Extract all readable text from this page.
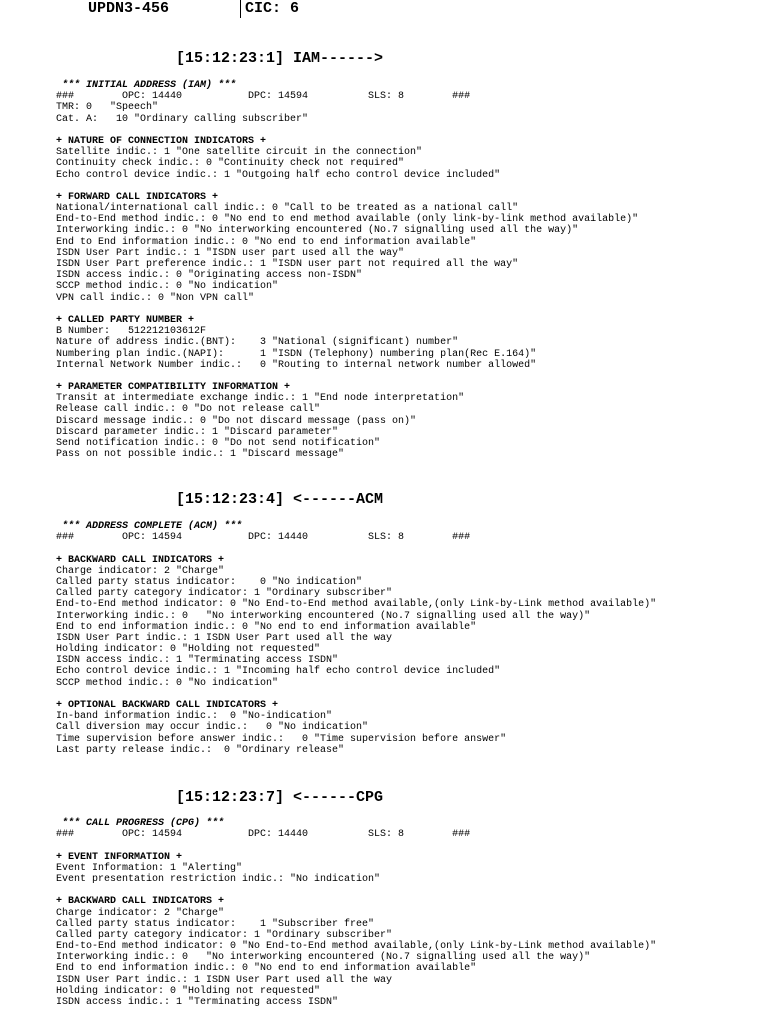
UPDN3-456	CIC: 6
[15:12:23:1] IAM------>
*** INITIAL ADDRESS (IAM) ***
###        OPC: 14440           DPC: 14594          SLS: 8        ###
TMR: 0   "Speech"
Cat. A:   10 "Ordinary calling subscriber"
+ NATURE OF CONNECTION INDICATORS +
Satellite indic.: 1 "One satellite circuit in the connection"
Continuity check indic.: 0 "Continuity check not required"
Echo control device indic.: 1 "Outgoing half echo control device included"
+ FORWARD CALL INDICATORS +
National/international call indic.: 0 "Call to be treated as a national call"
End-to-End method indic.: 0 "No end to end method available (only link-by-link method available)"
Interworking indic.: 0 "No interworking encountered (No.7 signalling used all the way)"
End to End information indic.: 0 "No end to end information available"
ISDN User Part indic.: 1 "ISDN user part used all the way"
ISDN User Part preference indic.: 1 "ISDN user part not required all the way"
ISDN access indic.: 0 "Originating access non-ISDN"
SCCP method indic.: 0 "No indication"
VPN call indic.: 0 "Non VPN call"
+ CALLED PARTY NUMBER +
B Number:   512212103612F
Nature of address indic.(BNT):    3 "National (significant) number"
Numbering plan indic.(NAPI):      1 "ISDN (Telephony) numbering plan(Rec E.164)"
Internal Network Number indic.:   0 "Routing to internal network number allowed"
+ PARAMETER COMPATIBILITY INFORMATION +
Transit at intermediate exchange indic.: 1 "End node interpretation"
Release call indic.: 0 "Do not release call"
Discard message indic.: 0 "Do not discard message (pass on)"
Discard parameter indic.: 1 "Discard parameter"
Send notification indic.: 0 "Do not send notification"
Pass on not possible indic.: 1 "Discard message"
[15:12:23:4] <------ACM
*** ADDRESS COMPLETE (ACM) ***
###        OPC: 14594           DPC: 14440          SLS: 8        ###
+ BACKWARD CALL INDICATORS +
Charge indicator: 2 "Charge"
Called party status indicator:    0 "No indication"
Called party category indicator: 1 "Ordinary subscriber"
End-to-End method indicator: 0 "No End-to-End method available,(only Link-by-Link method available)"
Interworking indic.: 0   "No interworking encountered (No.7 signalling used all the way)"
End to end information indic.: 0 "No end to end information available"
ISDN User Part indic.: 1 ISDN User Part used all the way
Holding indicator: 0 "Holding not requested"
ISDN access indic.: 1 "Terminating access ISDN"
Echo control device indic.: 1 "Incoming half echo control device included"
SCCP method indic.: 0 "No indication"
+ OPTIONAL BACKWARD CALL INDICATORS +
In-band information indic.:  0 "No-indication"
Call diversion may occur indic.:   0 "No indication"
Time supervision before answer indic.:   0 "Time supervision before answer"
Last party release indic.:  0 "Ordinary release"
[15:12:23:7] <------CPG
*** CALL PROGRESS (CPG) ***
###        OPC: 14594           DPC: 14440          SLS: 8        ###
+ EVENT INFORMATION +
Event Information: 1 "Alerting"
Event presentation restriction indic.: "No indication"
+ BACKWARD CALL INDICATORS +
Charge indicator: 2 "Charge"
Called party status indicator:    1 "Subscriber free"
Called party category indicator: 1 "Ordinary subscriber"
End-to-End method indicator: 0 "No End-to-End method available,(only Link-by-Link method available)"
Interworking indic.: 0   "No interworking encountered (No.7 signalling used all the way)"
End to end information indic.: 0 "No end to end information available"
ISDN User Part indic.: 1 ISDN User Part used all the way
Holding indicator: 0 "Holding not requested"
ISDN access indic.: 1 "Terminating access ISDN"
